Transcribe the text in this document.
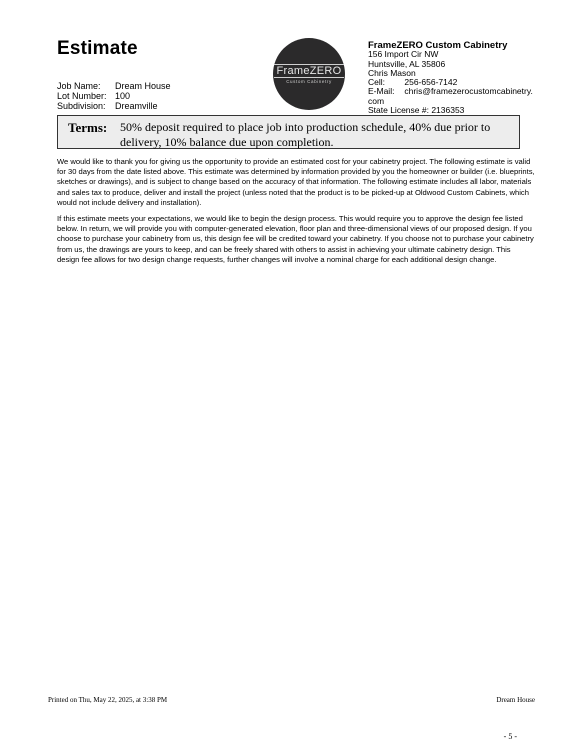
Estimate
Job Name:	Dream House
Lot Number: 100
Subdivision:	Dreamville
FrameZERO
Custom Cabinetry
FrameZERO Custom Cabinetry
156 Import Cir NW
Huntsville, AL 35806
Chris Mason
Cell: 256-656-7142
E-Mail: chris@framezerocustomcabinetry.
com
State License #: 2136353
Terms:	50% deposit required to place job into production schedule, 40% due prior to delivery, 10% balance due upon completion.

We would like to thank you for giving us the opportunity to provide an estimated cost for your cabinetry project. The following estimate is valid for 30 days from the date listed above. This estimate was determined by information provided by you the homeowner or builder (i.e. blueprints, sketches or drawings), and is subject to change based on the accuracy of that information. The following estimate includes all labor, materials and sales tax to produce, deliver and install the project (unless noted that the product is to be picked-up at Oldwood Custom Cabinets, which would not include delivery and installation).

If this estimate meets your expectations, we would like to begin the design process. This would require you to approve the design fee listed below. In return, we will provide you with computer-generated elevation, floor plan and three-dimensional views of our proposed design. If you choose to purchase your cabinetry from us, this design fee will be credited toward your cabinetry. If you choose not to purchase your cabinetry from us, the drawings are yours to keep, and can be freely shared with others to assist in achieving your ultimate cabinetry design. This design fee allows for two design change requests, further changes will involve a nominal charge for each additional design change.

Printed on Thu, May 22, 2025, at 3:38 PM	Dream House
- 5 -
